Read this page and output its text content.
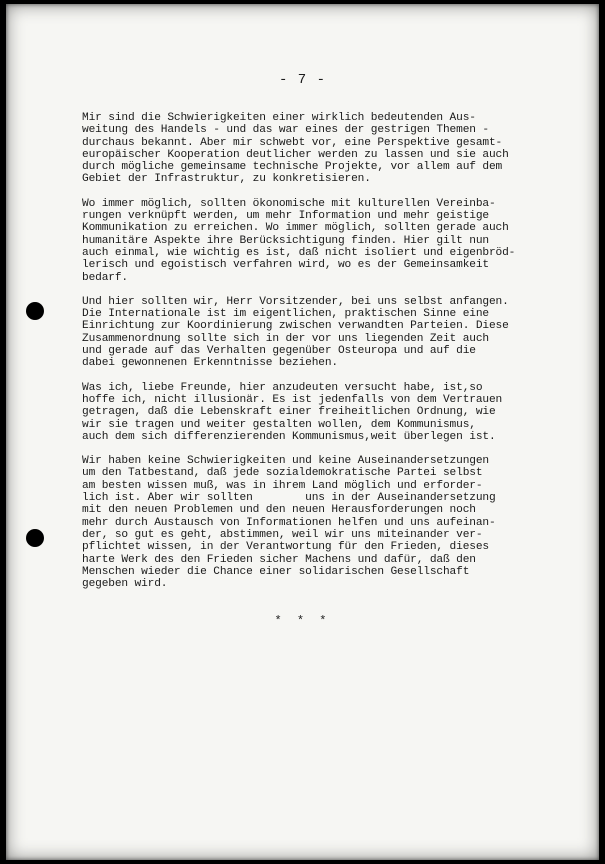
- 7 -

Mir sind die Schwierigkeiten einer wirklich bedeutenden Aus-
weitung des Handels - und das war eines der gestrigen Themen -
durchaus bekannt. Aber mir schwebt vor, eine Perspektive gesamt-
europäischer Kooperation deutlicher werden zu lassen und sie auch
durch mögliche gemeinsame technische Projekte, vor allem auf dem
Gebiet der Infrastruktur, zu konkretisieren.

Wo immer möglich, sollten ökonomische mit kulturellen Vereinba-
rungen verknüpft werden, um mehr Information und mehr geistige
Kommunikation zu erreichen. Wo immer möglich, sollten gerade auch
humanitäre Aspekte ihre Berücksichtigung finden. Hier gilt nun
auch einmal, wie wichtig es ist, daß nicht isoliert und eigenbröd-
lerisch und egoistisch verfahren wird, wo es der Gemeinsamkeit
bedarf.

Und hier sollten wir, Herr Vorsitzender, bei uns selbst anfangen.
Die Internationale ist im eigentlichen, praktischen Sinne eine
Einrichtung zur Koordinierung zwischen verwandten Parteien. Diese
Zusammenordnung sollte sich in der vor uns liegenden Zeit auch
und gerade auf das Verhalten gegenüber Osteuropa und auf die
dabei gewonnenen Erkenntnisse beziehen.

Was ich, liebe Freunde, hier anzudeuten versucht habe, ist,so
hoffe ich, nicht illusionär. Es ist jedenfalls von dem Vertrauen
getragen, daß die Lebenskraft einer freiheitlichen Ordnung, wie
wir sie tragen und weiter gestalten wollen, dem Kommunismus,
auch dem sich differenzierenden Kommunismus,weit überlegen ist.

Wir haben keine Schwierigkeiten und keine Auseinandersetzungen
um den Tatbestand, daß jede sozialdemokratische Partei selbst
am besten wissen muß, was in ihrem Land möglich und erforder-
lich ist. Aber wir sollten        uns in der Auseinandersetzung
mit den neuen Problemen und den neuen Herausforderungen noch
mehr durch Austausch von Informationen helfen und uns aufeinan-
der, so gut es geht, abstimmen, weil wir uns miteinander ver-
pflichtet wissen, in der Verantwortung für den Frieden, dieses
harte Werk des den Frieden sicher Machens und dafür, daß den
Menschen wieder die Chance einer solidarischen Gesellschaft
gegeben wird.

* * *
